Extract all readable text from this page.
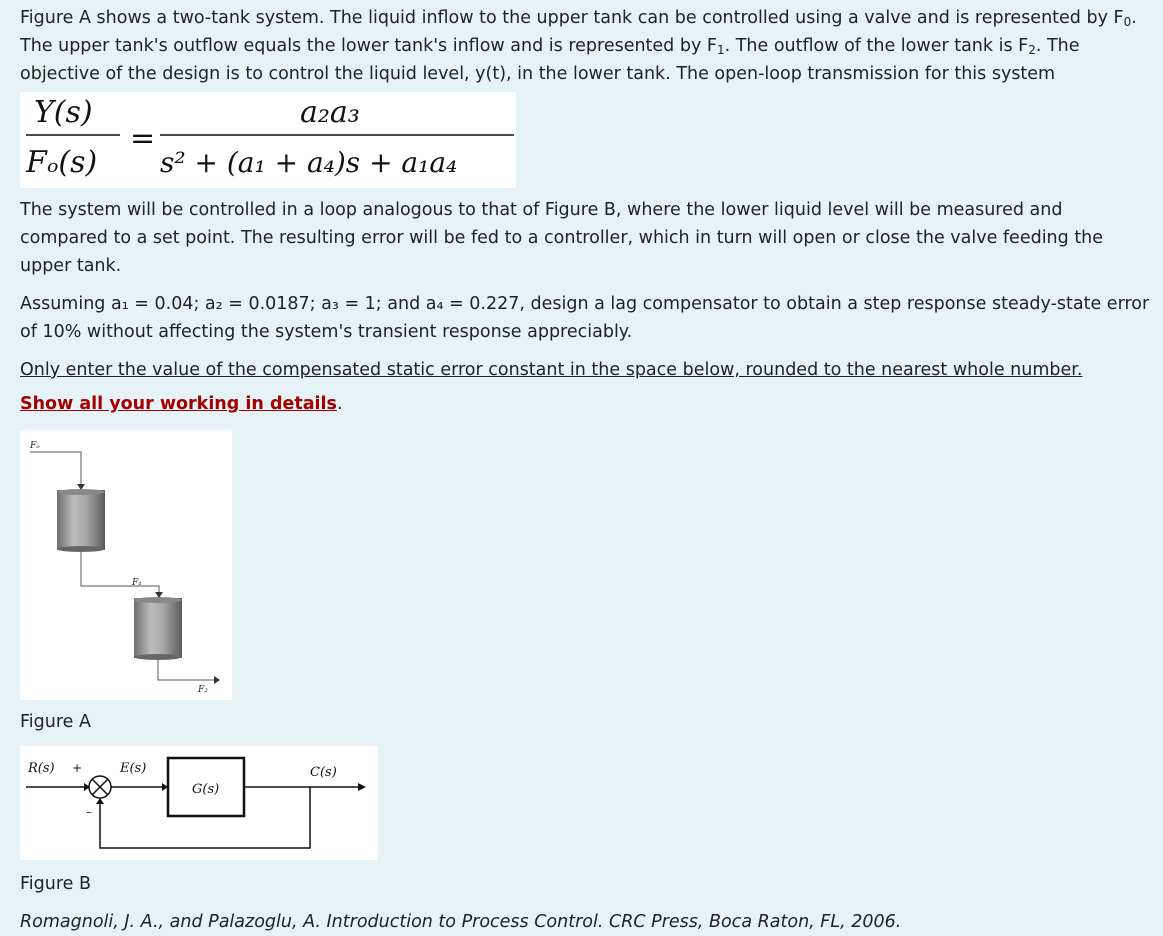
Figure A shows a two-tank system. The liquid inflow to the upper tank can be controlled using a valve and is represented by $F_0$. The upper tank's outflow equals the lower tank's inflow and is represented by $F_1$. The outflow of the lower tank is $F_2$. The objective of the design is to control the liquid level, y(t), in the lower tank. The open-loop transmission for this system

Y(s)
Fₒ(s)
=
a₂a₃
s² + (a₁ + a₄)s + a₁a₄

The system will be controlled in a loop analogous to that of Figure B, where the lower liquid level will be measured and compared to a set point. The resulting error will be fed to a controller, which in turn will open or close the valve feeding the upper tank.

Assuming a₁ = 0.04; a₂ = 0.0187; a₃ = 1; and a₄ = 0.227, design a lag compensator to obtain a step response steady-state error of 10% without affecting the system's transient response appreciably.

Only enter the value of the compensated static error constant in the space below, rounded to the nearest whole number.

Show all your working in details.

Fₒ
F₁
F₂

Figure A

R(s) +	E(s)
G(s)
C(s)
–

Figure B

Romagnoli, J. A., and Palazoglu, A. Introduction to Process Control. CRC Press, Boca Raton, FL, 2006.
